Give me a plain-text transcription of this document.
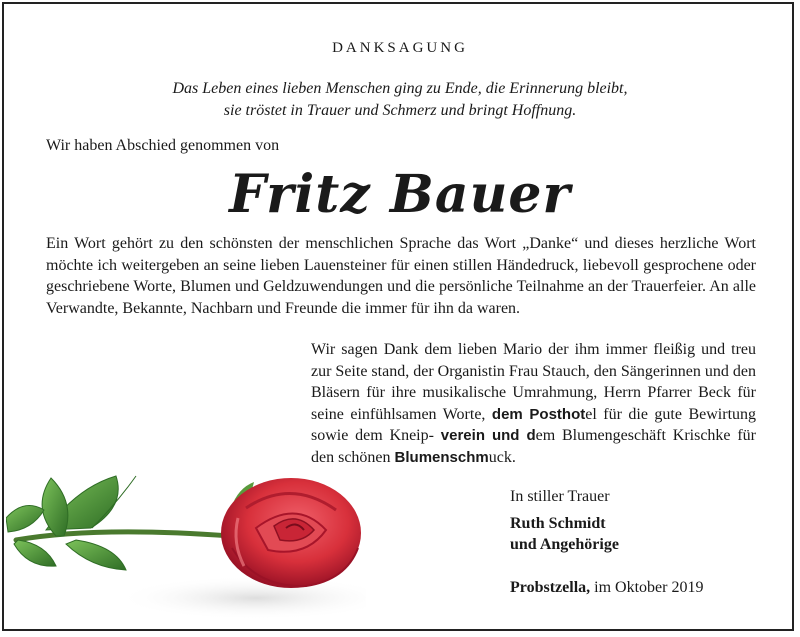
DANKSAGUNG
Das Leben eines lieben Menschen ging zu Ende, die Erinnerung bleibt,
sie tröstet in Trauer und Schmerz und bringt Hoffnung.
Wir haben Abschied genommen von
Fritz Bauer
Ein Wort gehört zu den schönsten der menschlichen Sprache das Wort „Danke“ und dieses herzliche Wort möchte ich weitergeben an seine lieben Lauensteiner für einen stillen Händedruck, liebevoll gesprochene oder geschriebene Worte, Blumen und Geldzuwendungen und die persönliche Teilnahme an der Trauerfeier. An alle Verwandte, Bekannte, Nachbarn und Freunde die immer für ihn da waren.
Wir sagen Dank dem lieben Mario der ihm immer fleißig und treu zur Seite stand, der Organistin Frau Stauch, den Sängerinnen und den Bläsern für ihre musikalische Umrahmung, Herrn Pfarrer Beck für seine einfühlsamen Worte, dem Posthotel für die gute Bewirtung sowie dem Kneip- verein und dem Blumengeschäft Krischke für den schönen Blumenschmuck.
In stiller Trauer
Ruth Schmidt
und Angehörige
Probstzella, im Oktober 2019
